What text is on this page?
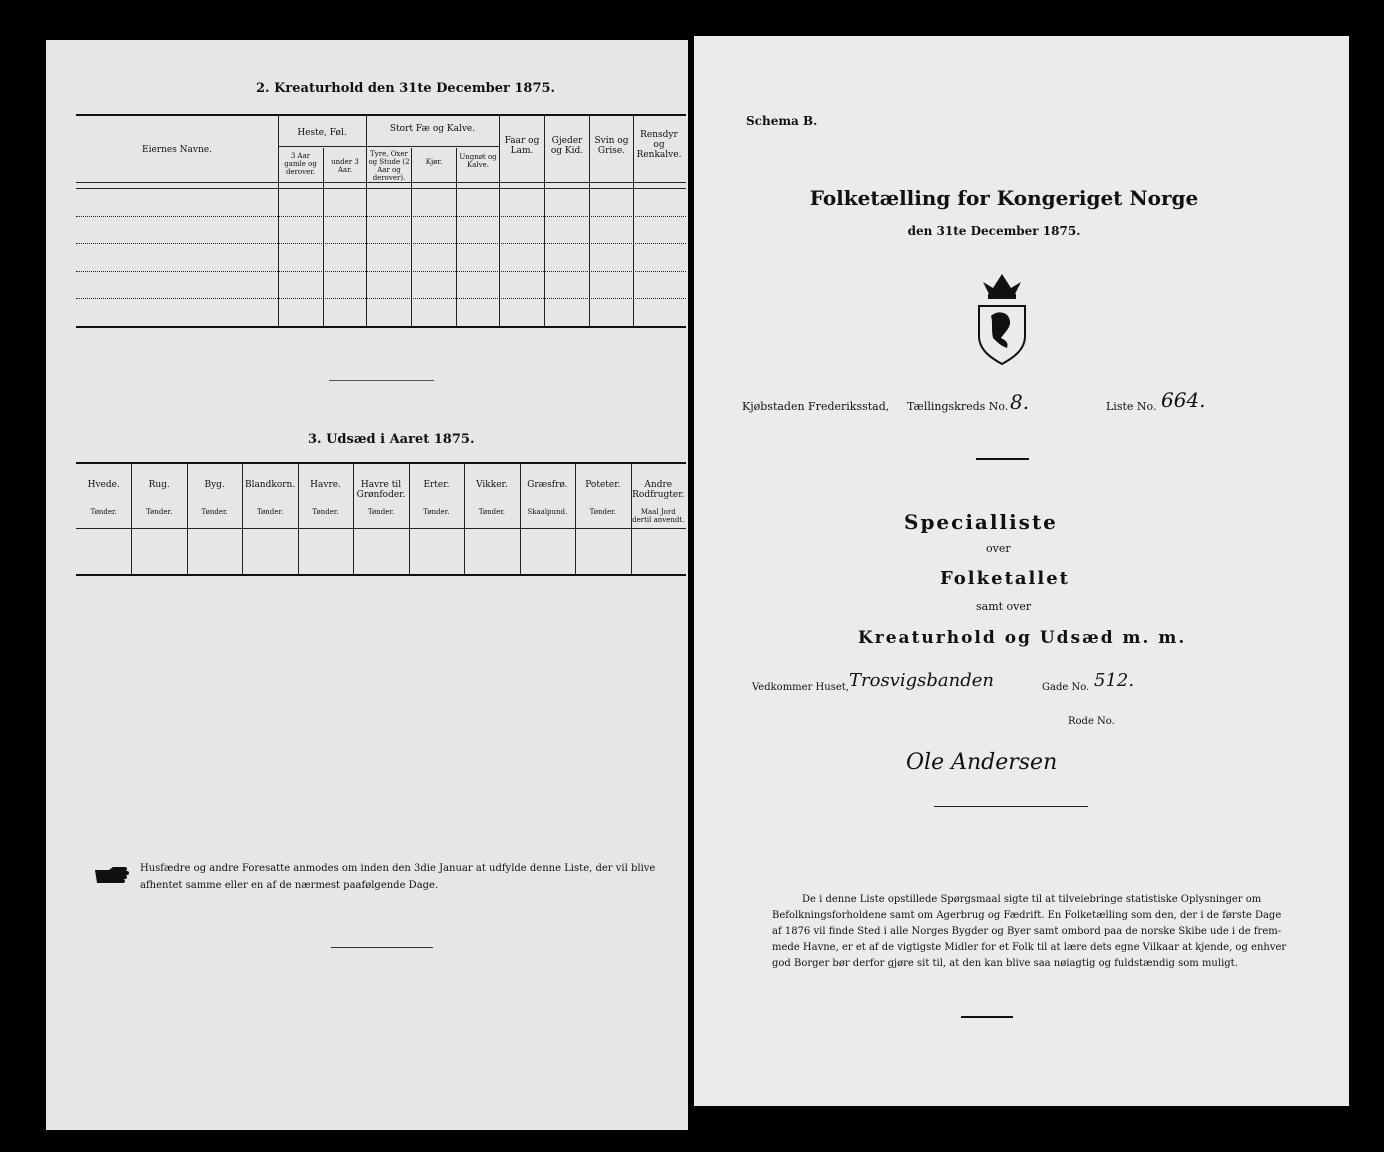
2. Kreaturhold den 31te December 1875.
Eiernes Navne.
Heste, Føl.
3 Aar gamle og derover.
under 3 Aar.
Stort Fæ og Kalve.
Tyre, Oxer og Stude (2 Aar og derover).
Kjør.
Ungnøt og Kalve.
Faar og Lam.
Gjeder og Kid.
Svin og Grise.
Rensdyr og Renkalve.
3. Udsæd i Aaret 1875.
Hvede.
Tønder.
Rug.
Tønder.
Byg.
Tønder.
Blandkorn.
Tønder.
Havre.
Tønder.
Havre til Grønfoder.
Tønder.
Erter.
Tønder.
Vikker.
Tønder.
Græsfrø.
Skaalpund.
Poteter.
Tønder.
Andre Rodfrugter.
Maal Jord dertil anvendt.
Husfædre og andre Foresatte anmodes om inden den 3die Januar at udfylde denne Liste, der vil blive
afhentet samme eller en af de nærmest paafølgende Dage.
Schema B.
Folketælling for Kongeriget Norge
den 31te December 1875.
Kjøbstaden Frederiksstad, Tællingskreds No. 8.	Liste No. 664.
Specialliste
over
Folketallet
samt over
Kreaturhold og Udsæd m. m.
Vedkommer Huset, Trosvigsbanden	Gade No. 512.
Rode No.
Ole Andersen
De i denne Liste opstillede Spørgsmaal sigte til at tilveiebringe statistiske Oplysninger om
Befolkningsforholdene samt om Agerbrug og Fædrift. En Folketælling som den, der i de første Dage
af 1876 vil finde Sted i alle Norges Bygder og Byer samt ombord paa de norske Skibe ude i de frem-
mede Havne, er et af de vigtigste Midler for et Folk til at lære dets egne Vilkaar at kjende, og enhver
god Borger bør derfor gjøre sit til, at den kan blive saa nøiagtig og fuldstændig som muligt.
